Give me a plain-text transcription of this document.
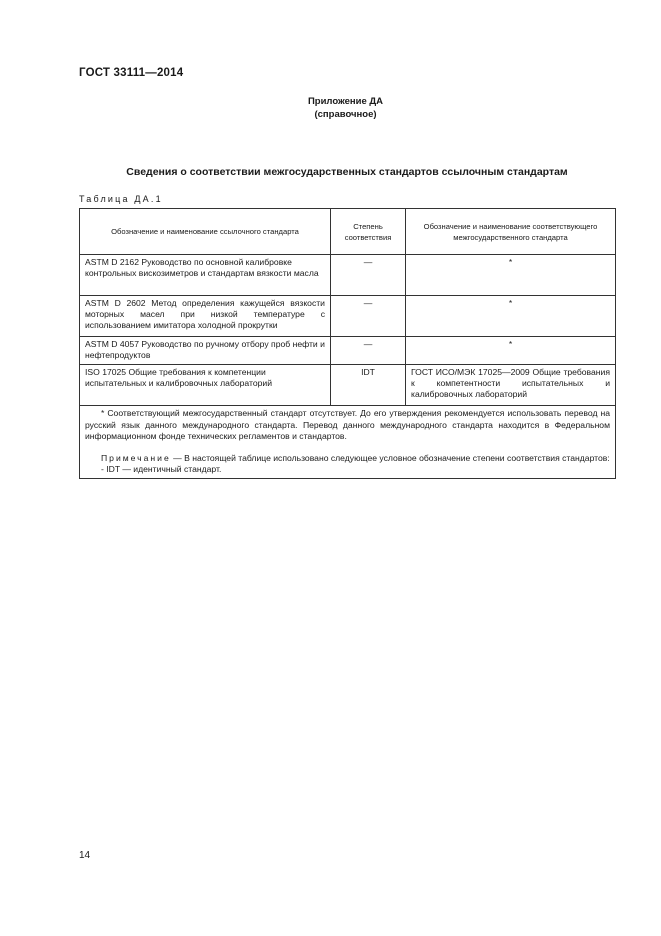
ГОСТ 33111—2014
Приложение ДА
(справочное)
Сведения о соответствии межгосударственных стандартов ссылочным стандартам
Таблица ДА.1
Обозначение и наименование ссылочного стандарта	Степень соответствия	Обозначение и наименование соответствующего межгосударственного стандарта
ASTM D 2162 Руководство по основной калибровке контрольных вискозиметров и стандартам вязкости масла	—	*
ASTM D 2602 Метод определения кажущейся вязкости моторных масел при низкой температуре с использованием имитатора холодной прокрутки	—	*
ASTM D 4057 Руководство по ручному отбору проб нефти и нефтепродуктов	—	*
ISO 17025 Общие требования к компетенции испытательных и калибровочных лабораторий	IDT	ГОСТ ИСО/МЭК 17025—2009 Общие требования к компетентности испытательных и калибровочных лабораторий

* Соответствующий межгосударственный стандарт отсутствует. До его утверждения рекомендуется использовать перевод на русский язык данного международного стандарта. Перевод данного международного стандарта находится в Федеральном информационном фонде технических регламентов и стандартов.

Примечание — В настоящей таблице использовано следующее условное обозначение степени соответствия стандартов:

- IDT — идентичный стандарт.		

14
